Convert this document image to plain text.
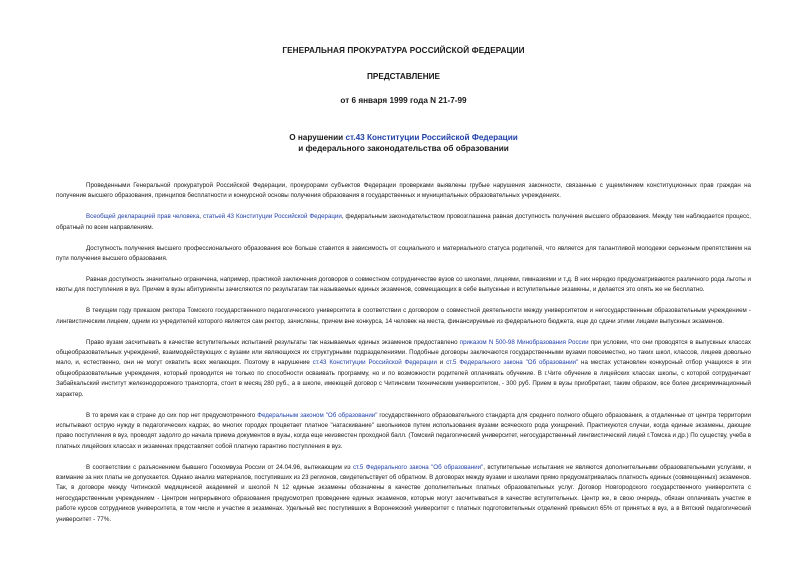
ГЕНЕРАЛЬНАЯ ПРОКУРАТУРА РОССИЙСКОЙ ФЕДЕРАЦИИ
ПРЕДСТАВЛЕНИЕ
от 6 января 1999 года N 21-7-99
О нарушении ст.43 Конституции Российской Федерации
и федерального законодательства об образовании

Проведенными Генеральной прокуратурой Российской Федерации, прокурорами субъектов Федерации проверками выявлены грубые нарушения законности, связанные с ущемлением конституционных прав граждан на получение высшего образования, принципов бесплатности и конкурсной основы получения образования в государственных и муниципальных образовательных учреждениях.

Всеобщей декларацией прав человека, статьей 43 Конституции Российской Федерации, федеральным законодательством провозглашена равная доступность получения высшего образования. Между тем наблюдается процесс, обратный по всем направлениям.

Доступность получения высшего профессионального образования все больше ставится в зависимость от социального и материального статуса родителей, что является для талантливой молодежи серьезным препятствием на пути получения высшего образования.

Равная доступность значительно ограничена, например, практикой заключения договоров о совместном сотрудничестве вузов со школами, лицеями, гимназиями и т.д. В них нередко предусматриваются различного рода льготы и квоты для поступления в вуз. Причем в вузы абитуриенты зачисляются по результатам так называемых единых экзаменов, совмещающих в себе выпускные и вступительные экзамены, и делается это опять же не бесплатно.

В текущем году приказом ректора Томского государственного педагогического университета в соответствии с договором о совместной деятельности между университетом и негосударственным образовательным учреждением - лингвистическим лицеем, одним из учредителей которого является сам ректор, зачислены, причем вне конкурса, 14 человек на места, финансируемые из федерального бюджета, еще до сдачи этими лицами выпускных экзаменов.

Право вузам засчитывать в качестве вступительных испытаний результаты так называемых единых экзаменов предоставлено приказом N 500-98 Минобразования России при условии, что они проводятся в выпускных классах общеобразовательных учреждений, взаимодействующих с вузами или являющихся их структурными подразделениями. Подобные договоры заключаются государственными вузами повсеместно, но таких школ, классов, лицеев довольно мало, и, естественно, они не могут охватить всех желающих. Поэтому в нарушение ст.43 Конституции Российской Федерации и ст.5 Федерального закона "Об образовании" на местах установлен конкурсный отбор учащихся в эти общеобразовательные учреждения, который проводится не только по способности осваивать программу, но и по возможности родителей оплачивать обучение. В г.Чите обучение в лицейских классах школы, с которой сотрудничает Забайкальский институт железнодорожного транспорта, стоит в месяц 280 руб., а в школе, имеющей договор с Читинским техническим университетом, - 300 руб. Прием в вузы приобретает, таким образом, все более дискриминационный характер.

В то время как в стране до сих пор нет предусмотренного Федеральным законом "Об образовании" государственного образовательного стандарта для среднего полного общего образования, а отдаленные от центра территории испытывают острую нужду в педагогических кадрах, во многих городах процветает платное "натаскивание" школьников путем использования вузами всяческого рода ухищрений. Практикуются случаи, когда единые экзамены, дающие право поступления в вуз, проводят задолго до начала приема документов в вузы, когда еще неизвестен проходной балл. (Томский педагогический университет, негосударственный лингвистический лицей г.Томска и др.) По существу, учеба в платных лицейских классах и экзаменах представляет собой платную гарантию поступления в вуз.

В соответствии с разъяснением бывшего Госкомвуза России от 24.04.96, вытекающим из ст.5 Федерального закона "Об образовании", вступительные испытания не являются дополнительными образовательными услугами, и взимание за них платы не допускается. Однако анализ материалов, поступивших из 23 регионов, свидетельствует об обратном. В договорах между вузами и школами прямо предусматривалась платность единых (совмещенных) экзаменов. Так, в договоре между Читинской медицинской академией и школой N 12 единые экзамены обозначены в качестве дополнительных платных образовательных услуг. Договор Новгородского государственного университета с негосударственным учреждением - Центром непрерывного образования предусмотрел проведение единых экзаменов, которые могут засчитываться в качестве вступительных. Центр же, в свою очередь, обязан оплачивать участие в работе курсов сотрудников университета, в том числе и участие в экзаменах. Удельный вес поступивших в Воронежский университет с платных подготовительных отделений превысил 65% от принятых в вуз, а в Вятский педагогический университет - 77%.
